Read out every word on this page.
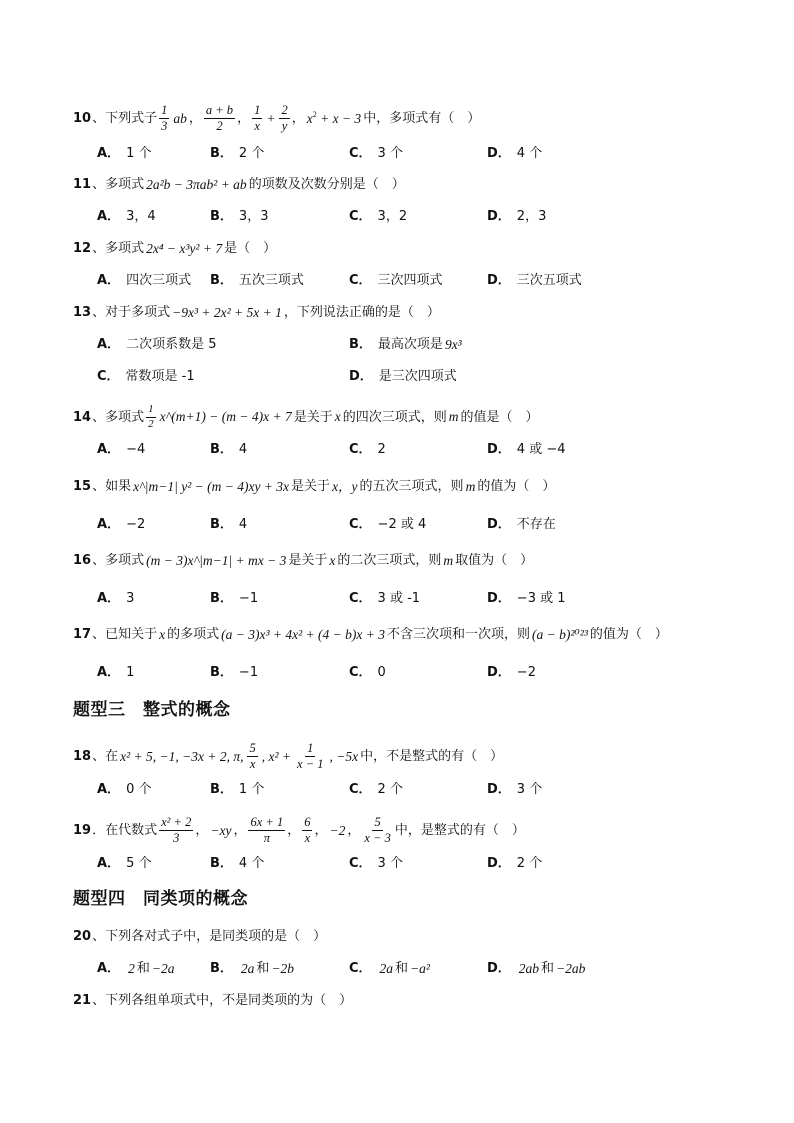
10 、下列式子 $\frac{1}{3}$ ab ， $\frac{a + b}{2}$ ， $\frac{1}{x} + \frac{2}{y}$ ， $x^2 + x - 3$ 中，多项式有（　）
A． 1 个	B． 2 个	C． 3 个	D． 4 个
11 、多项式 2a²b − 3πab² + ab 的项数及次数分别是（　）
A． 3，4	B． 3，3	C． 3，2	D． 2，3
12 、多项式 2x⁴ − x³y² + 7 是（　）
A． 四次三项式 B． 五次三项式	C． 三次四项式	D． 三次五项式
13 、对于多项式 −9x³ + 2x² + 5x + 1 ，下列说法正确的是（　）
A． 二次项系数是 5	B． 最高次项是 9x³
C． 常数项是 -1	D． 是三次四项式
14 、多项式 $\frac{1}{2}$ x^(m+1) − (m − 4)x + 7 是关于 x 的四次三项式，则 m 的值是（　）
A． −4	B． 4	C． 2	D． 4 或 −4
15 、如果 x^|m−1| y² − (m − 4)xy + 3x 是关于 x，y 的五次三项式，则 m 的值为（　）
A． −2	B． 4	C． −2 或 4	D． 不存在
16 、多项式 (m − 3)x^|m−1| + mx − 3 是关于 x 的二次三项式，则 m 取值为（　）
A． 3	B． −1	C． 3 或 -1	D． −3 或 1
17 、已知关于 x 的多项式 (a − 3)x³ + 4x² + (4 − b)x + 3 不含三次项和一次项，则 (a − b)²⁰²³ 的值为（　）
A． 1	B． −1	C． 0	D． −2
题型三　整式的概念
18 、在 x² + 5, −1, −3x + 2, π, $\frac{5}{x}$ , $x^2 + \frac{1}{x - 1}$ , −5x 中，不是整式的有（　）
A． 0 个	B． 1 个	C． 2 个	D． 3 个
19 ．在代数式 $\frac{\text{x² + 2}}{3}$ ， −xy ， $\frac{6x + 1}{\pi}$ ， $\frac{6}{x}$ ， −2 ， $\frac{5}{x - 3}$ 中，是整式的有（　）
A． 5 个	B． 4 个	C． 3 个	D． 2 个
题型四　同类项的概念
20 、下列各对式子中，是同类项的是（　）
A． 2 和 −2a	B． 2a 和 −2b	C． 2a 和 −a²	D． 2ab 和 −2ab
21 、下列各组单项式中，不是同类项的为（　）
